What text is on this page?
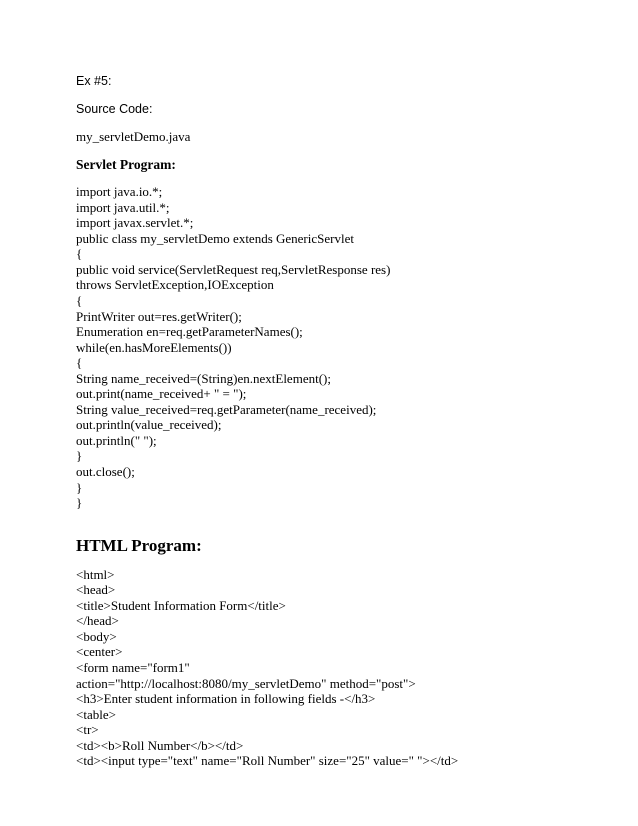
Ex #5:
Source Code:
my_servletDemo.java
Servlet Program:
import java.io.*;
import java.util.*;
import javax.servlet.*;
public class my_servletDemo extends GenericServlet
{
public void service(ServletRequest req,ServletResponse res)
throws ServletException,IOException
{
PrintWriter out=res.getWriter();
Enumeration en=req.getParameterNames();
while(en.hasMoreElements())
{
String name_received=(String)en.nextElement();
out.print(name_received+ " = ");
String value_received=req.getParameter(name_received);
out.println(value_received);
out.println(" ");
}
out.close();
}
}
HTML Program:
<html>
<head>
<title>Student Information Form</title>
</head>
<body>
<center>
<form name="form1"
action="http://localhost:8080/my_servletDemo" method="post">
<h3>Enter student information in following fields -</h3>
<table>
<tr>
<td><b>Roll Number</b></td>
<td><input type="text" name="Roll Number" size="25" value=" "></td>
